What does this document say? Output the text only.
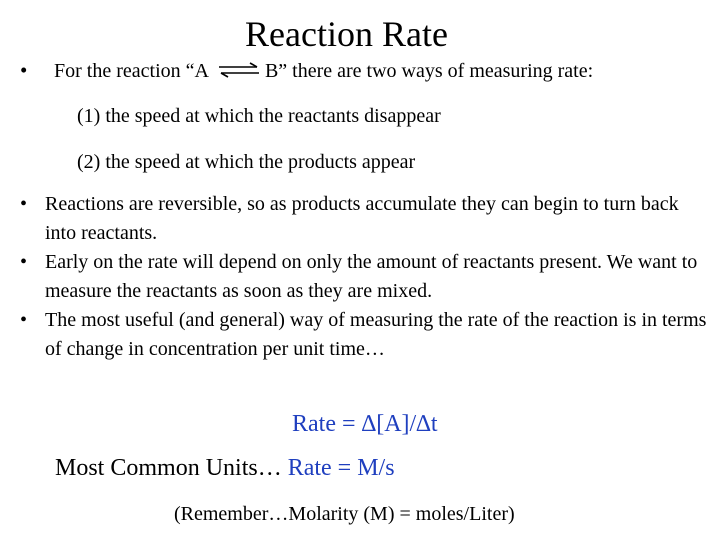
Reaction Rate
• For the reaction “A ⇌ B” there are two ways of measuring rate:
(1) the speed at which the reactants disappear
(2) the speed at which the products appear
• Reactions are reversible, so as products accumulate they can begin to turn back into reactants.
• Early on the rate will depend on only the amount of reactants present. We want to measure the reactants as soon as they are mixed.
• The most useful (and general) way of measuring the rate of the reaction is in terms of change in concentration per unit time…
Rate = ∆[A]/∆t
Most Common Units… Rate = M/s
(Remember…Molarity (M) = moles/Liter)
